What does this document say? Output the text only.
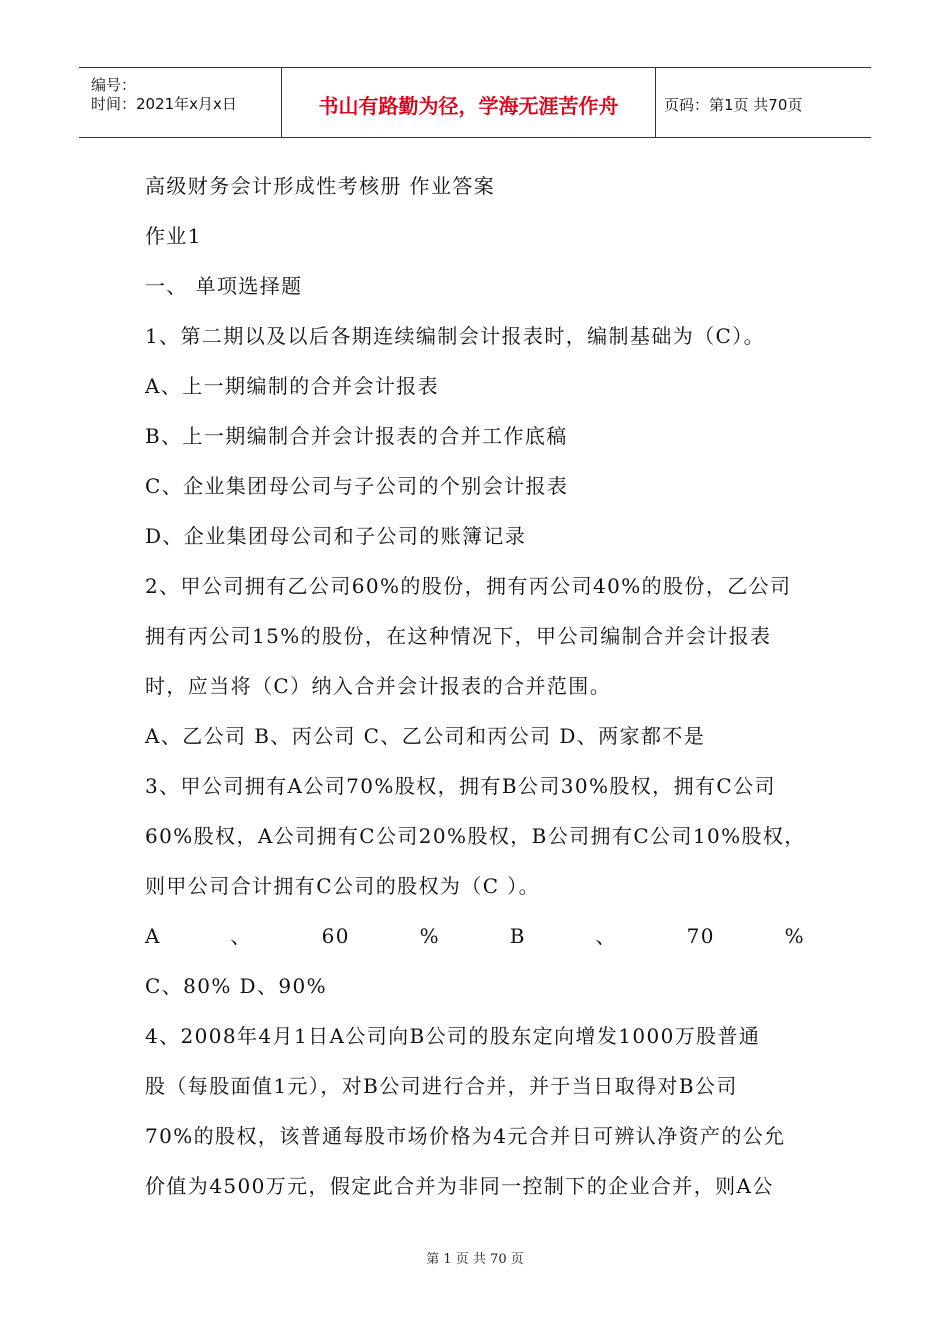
编号：
时间：2021年x月x日	书山有路勤为径，学海无涯苦作舟	页码：第1页 共70页
高级财务会计形成性考核册 作业答案
作业1
一、 单项选择题
1、第二期以及以后各期连续编制会计报表时，编制基础为（C）。
A、上一期编制的合并会计报表
B、上一期编制合并会计报表的合并工作底稿
C、企业集团母公司与子公司的个别会计报表
D、企业集团母公司和子公司的账簿记录
2、甲公司拥有乙公司60%的股份，拥有丙公司40%的股份，乙公司
拥有丙公司15%的股份，在这种情况下，甲公司编制合并会计报表
时，应当将（C）纳入合并会计报表的合并范围。
A、乙公司 B、丙公司 C、乙公司和丙公司 D、两家都不是
3、甲公司拥有A公司70%股权，拥有B公司30%股权，拥有C公司
60%股权，A公司拥有C公司20%股权，B公司拥有C公司10%股权，
则甲公司合计拥有C公司的股权为（C ）。
A	、	60	%	B	、	70	%
C、80% D、90%
4、2008年4月1日A公司向B公司的股东定向增发1000万股普通
股（每股面值1元），对B公司进行合并，并于当日取得对B公司
70%的股权，该普通每股市场价格为4元合并日可辨认净资产的公允
价值为4500万元，假定此合并为非同一控制下的企业合并，则A公
第 1 页 共 70 页
